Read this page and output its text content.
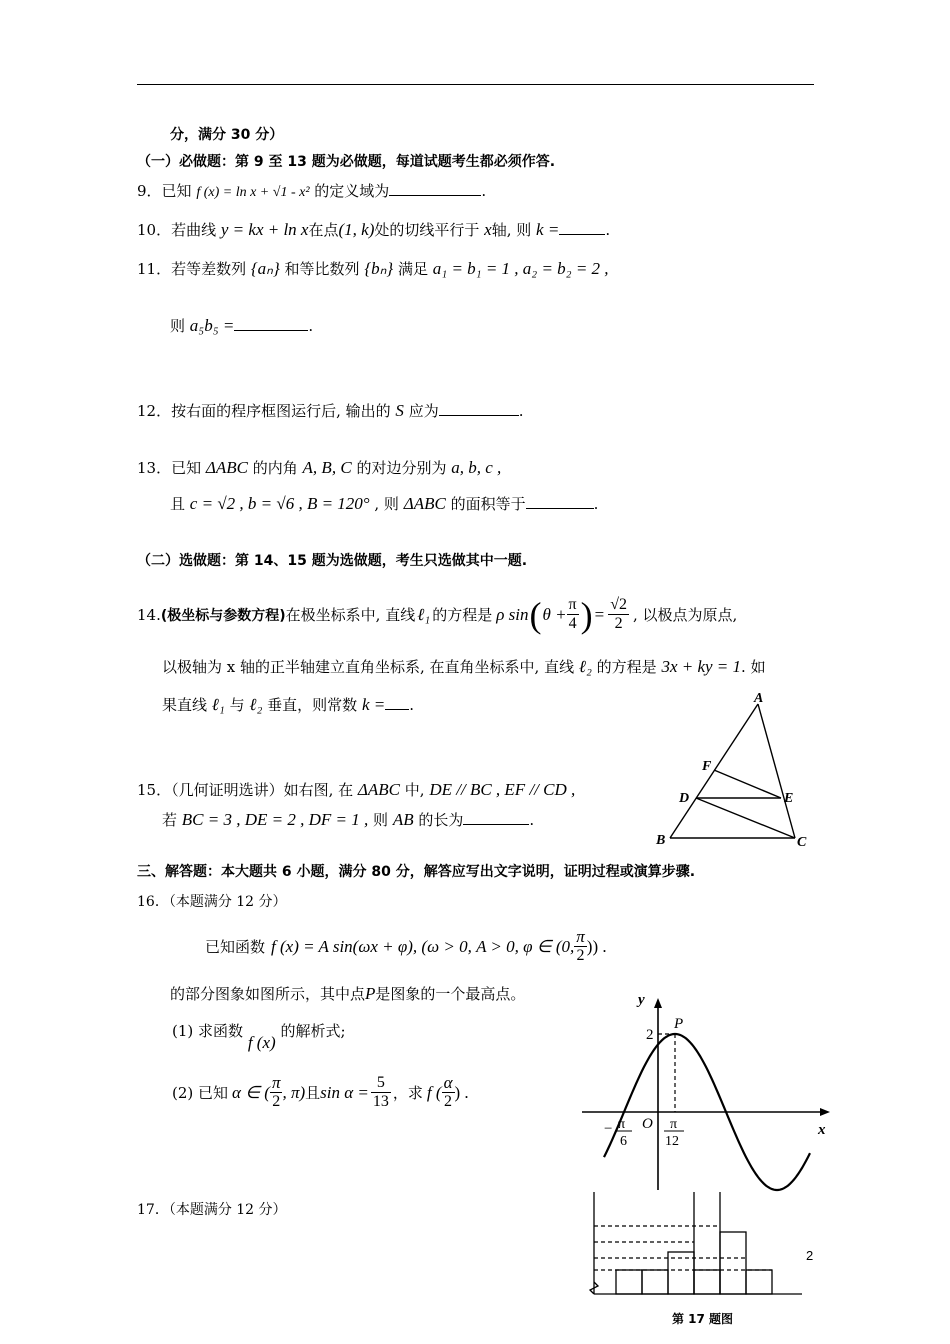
分，满分 30 分）
（一）必做题：第 9 至 13 题为必做题，每道试题考生都必须作答.
9．已知 f (x) = ln x + √1 - x² 的定义域为	.
10．若曲线 y = kx + ln x在点(1, k)处的切线平行于 x轴, 则 k =	.
11．若等差数列 {aₙ} 和等比数列 {bₙ} 满足 a₁ = b₁ = 1 , a₂ = b₂ = 2 ,
则 a₅b₅ =	.
12．按右面的程序框图运行后, 输出的 S 应为	.
13．已知 ΔABC 的内角 A, B, C 的对边分别为 a, b, c ,
且 c = √2 , b = √6 , B = 120° , 则 ΔABC 的面积等于	.
（二）选做题：第 14、15 题为选做题，考生只选做其中一题.
14. (极坐标与参数方程) 在极坐标系中, 直线 ℓ₁ 的方程是 ρ sin ( $\theta + \frac{\pi}{4}$ ) = $\frac{√2}{2}$ , 以极点为原点,
以极轴为 x 轴的正半轴建立直角坐标系, 在直角坐标系中, 直线 ℓ₂ 的方程是 3x + ky = 1. 如
果直线 ℓ₁ 与 ℓ₂ 垂直，则常数 k = .	A
B	C
D	E
F
15．（几何证明选讲）如右图, 在 ΔABC 中, DE // BC , EF // CD ,
若 BC = 3 , DE = 2 , DF = 1 , 则 AB 的长为	.
三、解答题：本大题共 6 小题，满分 80 分，解答应写出文字说明，证明过程或演算步骤.
16．（本题满分 12 分）
已知函数 f (x) = A sin(ωx + φ), (ω > 0, A > 0, φ ∈ (0, $\frac{\pi}{2}$ )) .
的部分图象如图所示，其中点P是图象的一个最高点。
(1) 求函数 f (x) 的解析式;
(2) 已知 α ∈ ( $\frac{\pi}{2}$ , π) 且 $\sin \alpha = \frac{5}{13}$ ，求 f ( $\frac{\alpha}{2}$ ) .
y
x
O
2
P
− π
6
π
12
17．（本题满分 12 分）
2
第 17 题图
